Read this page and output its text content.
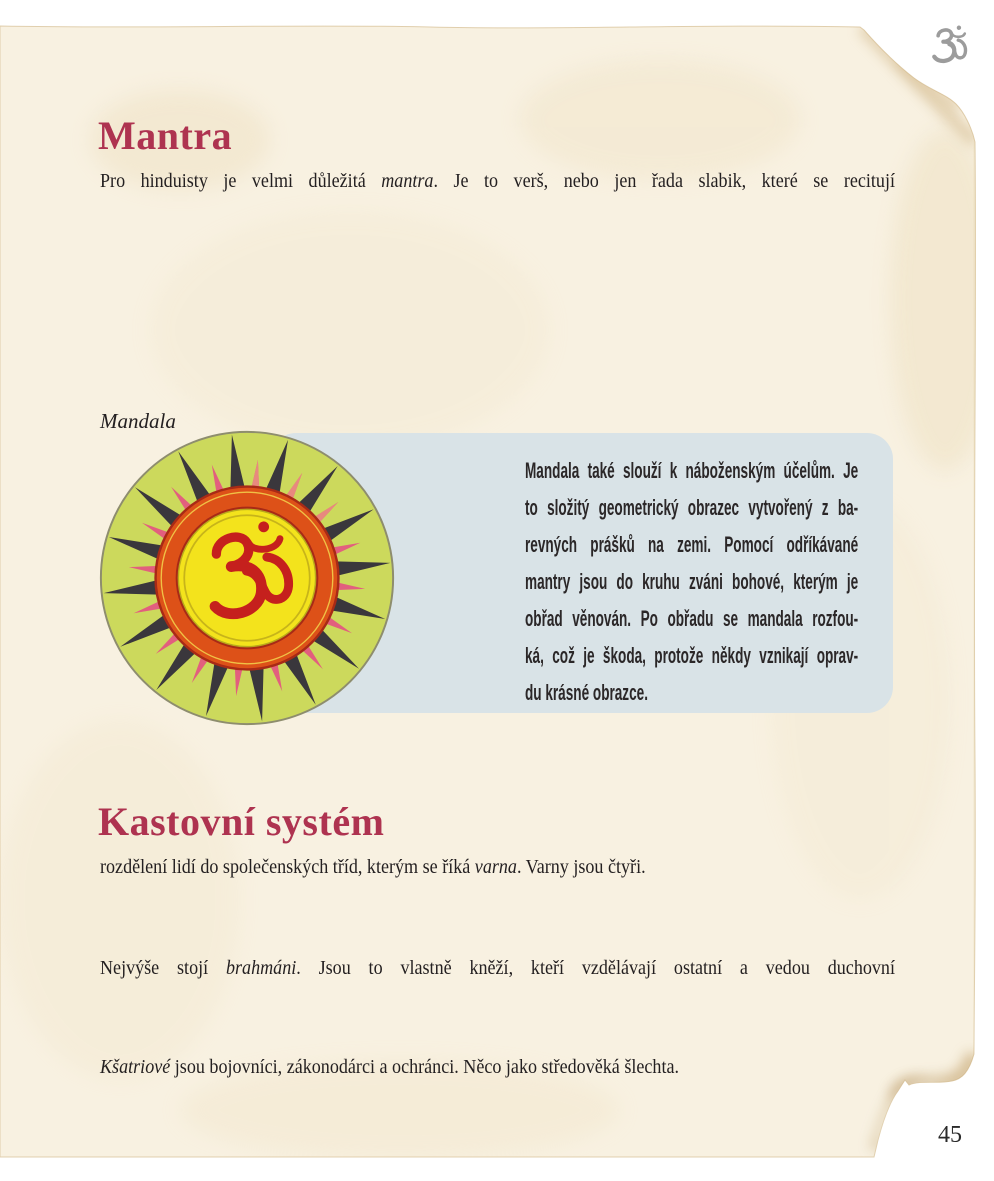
Mantra
Pro hinduisty je velmi důležitá mantra. Je to verš, nebo jen řada slabik, které se recitují
Mandala
Mandala také slouží k náboženským účelům. Je
to složitý geometrický obrazec vytvořený z ba-
revných prášků na zemi. Pomocí odříkávané
mantry jsou do kruhu zváni bohové, kterým je
obřad věnován. Po obřadu se mandala rozfou-
ká, což je škoda, protože někdy vznikají oprav-
du krásné obrazce.
Kastovní systém
rozdělení lidí do společenských tříd, kterým se říká varna. Varny jsou čtyři.
Nejvýše stojí brahmáni. Jsou to vlastně kněží, kteří vzdělávají ostatní a vedou duchovní
Kšatriové jsou bojovníci, zákonodárci a ochránci. Něco jako středověká šlechta.
45
